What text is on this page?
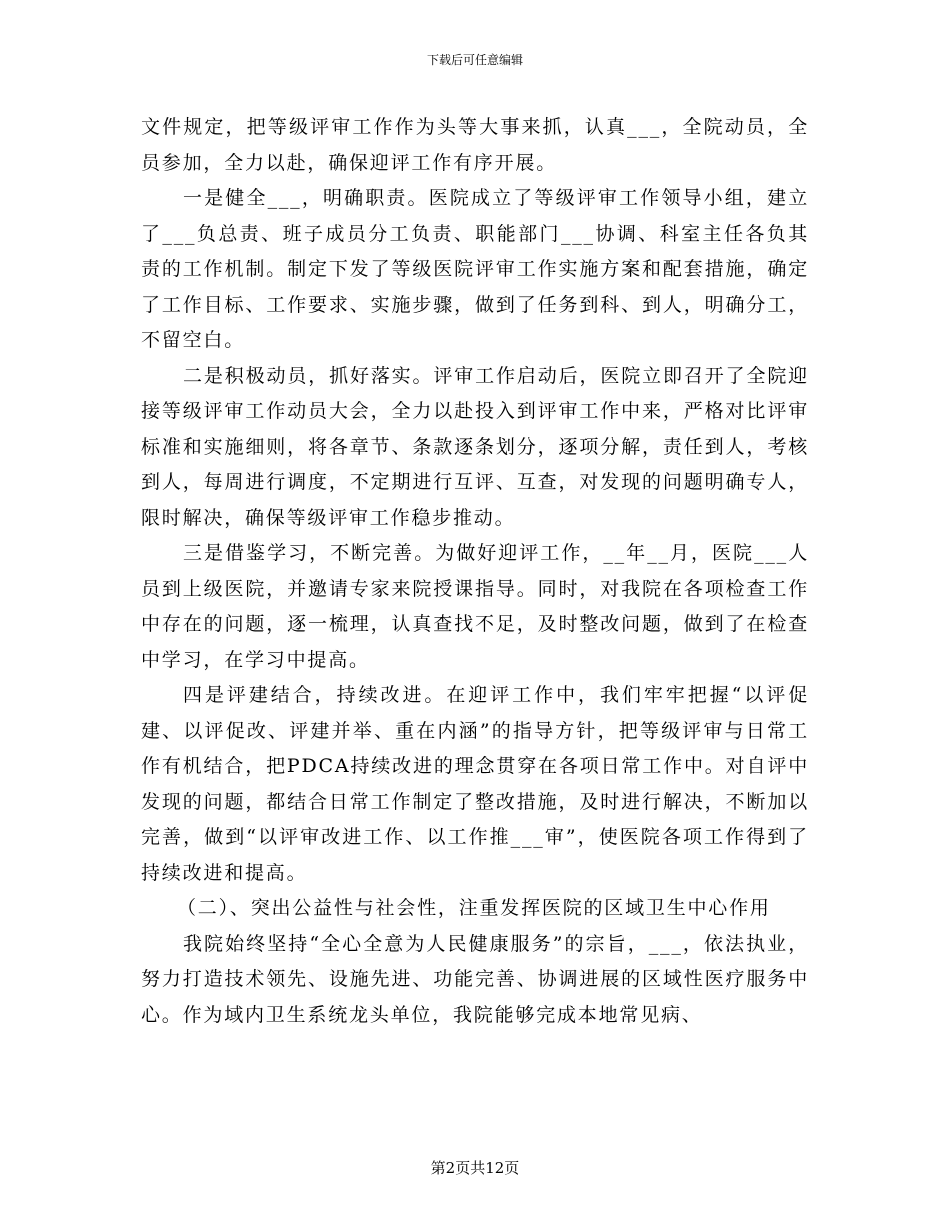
下载后可任意编辑

文件规定，把等级评审工作作为头等大事来抓，认真___，全院动员，全员参加，全力以赴，确保迎评工作有序开展。

一是健全___，明确职责。医院成立了等级评审工作领导小组，建立了___负总责、班子成员分工负责、职能部门___协调、科室主任各负其责的工作机制。制定下发了等级医院评审工作实施方案和配套措施，确定了工作目标、工作要求、实施步骤，做到了任务到科、到人，明确分工，不留空白。

二是积极动员，抓好落实。评审工作启动后，医院立即召开了全院迎接等级评审工作动员大会，全力以赴投入到评审工作中来，严格对比评审标准和实施细则，将各章节、条款逐条划分，逐项分解，责任到人，考核到人，每周进行调度，不定期进行互评、互查，对发现的问题明确专人，限时解决，确保等级评审工作稳步推动。

三是借鉴学习，不断完善。为做好迎评工作，__年__月，医院___人员到上级医院，并邀请专家来院授课指导。同时，对我院在各项检查工作中存在的问题，逐一梳理，认真查找不足，及时整改问题，做到了在检查中学习，在学习中提高。

四是评建结合，持续改进。在迎评工作中，我们牢牢把握“以评促建、以评促改、评建并举、重在内涵”的指导方针，把等级评审与日常工作有机结合，把PDCA持续改进的理念贯穿在各项日常工作中。对自评中发现的问题，都结合日常工作制定了整改措施，及时进行解决，不断加以完善，做到“以评审改进工作、以工作推___审”，使医院各项工作得到了持续改进和提高。

（二）、突出公益性与社会性，注重发挥医院的区域卫生中心作用

我院始终坚持“全心全意为人民健康服务”的宗旨，___，依法执业，努力打造技术领先、设施先进、功能完善、协调进展的区域性医疗服务中心。作为域内卫生系统龙头单位，我院能够完成本地常见病、

第2页共12页
